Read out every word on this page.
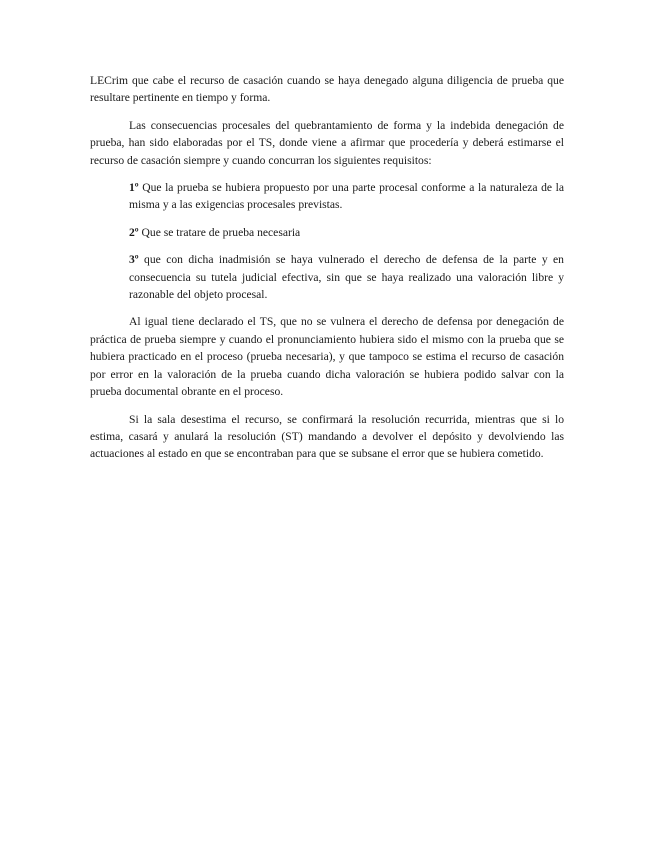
LECrim que cabe el recurso de casación cuando se haya denegado alguna diligencia de prueba que resultare pertinente en tiempo y forma.

Las consecuencias procesales del quebrantamiento de forma y la indebida denegación de prueba, han sido elaboradas por el TS, donde viene a afirmar que procedería y deberá estimarse el recurso de casación siempre y cuando concurran los siguientes requisitos:

1º Que la prueba se hubiera propuesto por una parte procesal conforme a la naturaleza de la misma y a las exigencias procesales previstas.

2º Que se tratare de prueba necesaria

3º que con dicha inadmisión se haya vulnerado el derecho de defensa de la parte y en consecuencia su tutela judicial efectiva, sin que se haya realizado una valoración libre y razonable del objeto procesal.

Al igual tiene declarado el TS, que no se vulnera el derecho de defensa por denegación de práctica de prueba siempre y cuando el pronunciamiento hubiera sido el mismo con la prueba que se hubiera practicado en el proceso (prueba necesaria), y que tampoco se estima el recurso de casación por error en la valoración de la prueba cuando dicha valoración se hubiera podido salvar con la prueba documental obrante en el proceso.

Si la sala desestima el recurso, se confirmará la resolución recurrida, mientras que si lo estima, casará y anulará la resolución (ST) mandando a devolver el depósito y devolviendo las actuaciones al estado en que se encontraban para que se subsane el error que se hubiera cometido.
